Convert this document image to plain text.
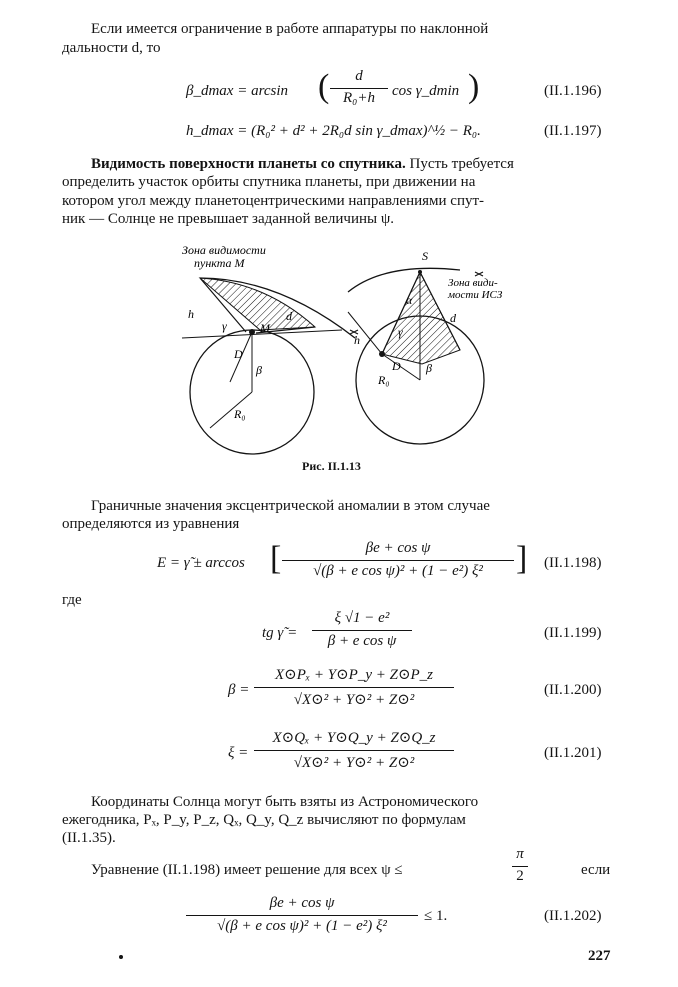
Если имеется ограничение в работе аппаратуры по наклонной
дальности d, то
β_dmax = arcsin (	d
R₀+h	cos γ_dmin )	(II.1.196)
h_dmax = (R₀² + d² + 2R₀d sin γ_dmax)^½ − R₀.	(II.1.197)
Видимость поверхности планеты со спутника. Пусть требуется
определить участок орбиты спутника планеты, при движении на
котором угол между планетоцентрическими направлениями спут-
ник — Солнце не превышает заданной величины ψ.
Зона видимости
пункта M
h	d
γ	M
D
β
R₀
S
Зона види-
мости ИСЗ
α
d
h
γ
D β
R₀
Рис. II.1.13
Граничные значения эксцентрической аномалии в этом случае
определяются из уравнения
E = γ̃ ± arccos [	βe + cos ψ
√(β + e cos ψ)² + (1 − e²) ξ² ] (II.1.198)
где
tg γ̃ =
ξ √1 − e²
β + e cos ψ	(II.1.199)
β =
X⊙Pₓ + Y⊙P_y + Z⊙P_z
√X⊙² + Y⊙² + Z⊙²
(II.1.200)
ξ =
X⊙Qₓ + Y⊙Q_y + Z⊙Q_z
√X⊙² + Y⊙² + Z⊙²
(II.1.201)
Координаты Солнца могут быть взяты из Астрономического
ежегодника, Pₓ, P_y, P_z, Qₓ, Q_y, Q_z вычисляют по формулам
(II.1.35).
Уравнение (II.1.198) имеет решение для всех ψ ≤
π
2	если
βe + cos ψ
√(β + e cos ψ)² + (1 − e²) ξ²
≤ 1.	(II.1.202)
227
